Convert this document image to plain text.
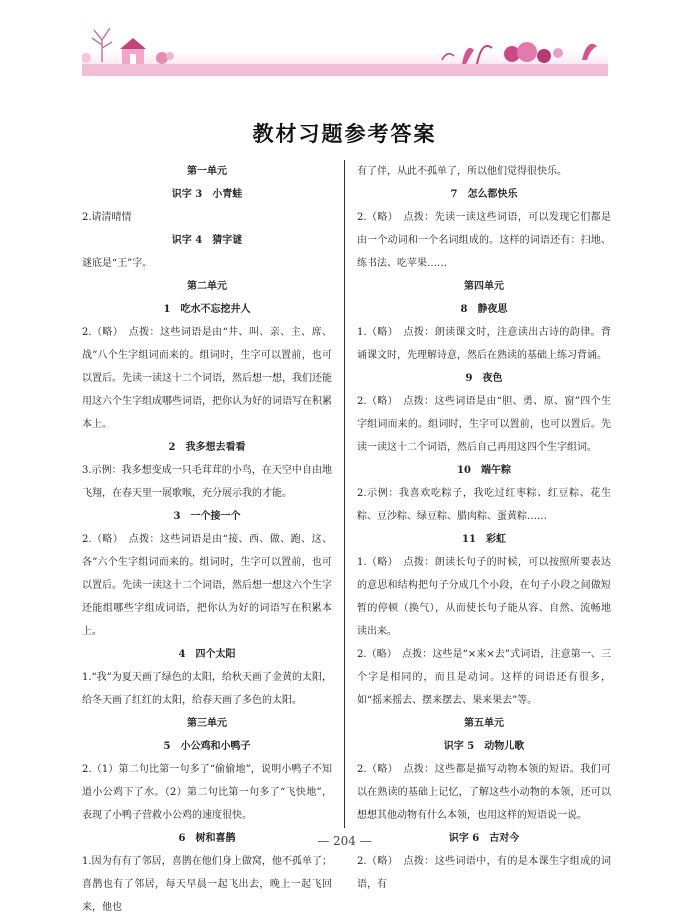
教材习题参考答案
第一单元
识字 3　小青蛙

2.请清晴情

识字 4　猜字谜

谜底是“王”字。

第二单元
1　吃水不忘挖井人

2.（略）　点拨：这些词语是由“井、叫、亲、主、席、战”八个生字组词而来的。组词时，生字可以置前，也可以置后。先读一读这十二个词语，然后想一想，我们还能用这六个生字组成哪些词语，把你认为好的词语写在积累本上。

2　我多想去看看

3.示例：我多想变成一只毛茸茸的小鸟，在天空中自由地飞翔，在春天里一展歌喉，充分展示我的才能。

3　一个接一个

2.（略）　点拨：这些词语是由“接、西、做、跑、这、各”六个生字组词而来的。组词时，生字可以置前，也可以置后。先读一读这十二个词语，然后想一想这六个生字还能组哪些字组成词语，把你认为好的词语写在积累本上。

4　四个太阳

1.“我”为夏天画了绿色的太阳，给秋天画了金黄的太阳，给冬天画了红红的太阳，给春天画了多色的太阳。

第三单元
5　小公鸡和小鸭子

2.（1）第二句比第一句多了“偷偷地”，说明小鸭子不知道小公鸡下了水。（2）第二句比第一句多了“飞快地”，表现了小鸭子营救小公鸡的速度很快。

6　树和喜鹊

1.因为有有了邻居，喜鹊在他们身上做窝，他不孤单了；喜鹊也有了邻居，每天早晨一起飞出去，晚上一起飞回来，他也

有了伴，从此不孤单了，所以他们觉得很快乐。

7　怎么都快乐

2.（略）　点拨：先读一读这些词语，可以发现它们都是由一个动词和一个名词组成的。这样的词语还有：扫地、练书法、吃苹果……

第四单元
8　静夜思

1.（略）　点拨：朗读课文时，注意读出古诗的韵律。背诵课文时，先理解诗意，然后在熟读的基础上练习背诵。

9　夜色

2.（略）　点拨：这些词语是由“胆、勇、原、窗”四个生字组词而来的。组词时，生字可以置前，也可以置后。先读一读这十二个词语，然后自己再用这四个生字组词。

10　端午粽

2.示例：我喜欢吃粽子，我吃过红枣粽、红豆粽、花生粽、豆沙粽、绿豆粽、腊肉粽、蛋黄粽……

11　彩虹

1.（略）　点拨：朗读长句子的时候，可以按照所要表达的意思和结构把句子分成几个小段，在句子小段之间做短暂的停顿（换气），从而使长句子能从容、自然、流畅地读出来。

2.（略）　点拨：这些是“×来×去”式词语，注意第一、三个字是相同的，而且是动词。这样的词语还有很多，如“摇来摇去、摆来摆去、果来果去”等。

第五单元
识字 5　动物儿歌

2.（略）　点拨：这些都是描写动物本领的短语。我们可以在熟读的基础上记忆，了解这些小动物的本领，还可以想想其他动物有什么本领，也用这样的短语说一说。

识字 6　古对今

2.（略）　点拨：这些词语中，有的是本课生字组成的词语，有

— 204 —
